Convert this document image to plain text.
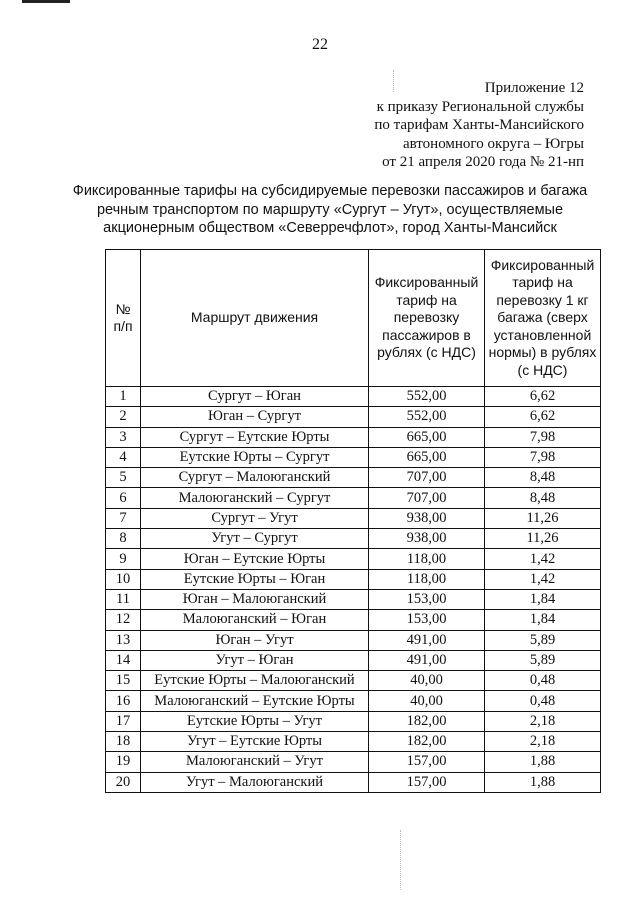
22
Приложение 12
к приказу Региональной службы
по тарифам Ханты-Мансийского
автономного округа – Югры
от 21 апреля 2020 года № 21-нп
Фиксированные тарифы на субсидируемые перевозки пассажиров и багажа
речным транспортом по маршруту «Сургут – Угут», осуществляемые
акционерным обществом «Северречфлот», город Ханты-Мансийск
№ п/п	Маршрут движения	Фиксированный тариф на перевозку пассажиров в рублях (с НДС)	Фиксированный тариф на перевозку 1 кг багажа (сверх установленной нормы) в рублях (с НДС)
1	Сургут – Юган	552,00	6,62
2	Юган – Сургут	552,00	6,62
3	Сургут – Еутские Юрты	665,00	7,98
4	Еутские Юрты – Сургут	665,00	7,98
5	Сургут – Малоюганский	707,00	8,48
6	Малоюганский – Сургут	707,00	8,48
7	Сургут – Угут	938,00	11,26
8	Угут – Сургут	938,00	11,26
9	Юган – Еутские Юрты	118,00	1,42
10	Еутские Юрты – Юган	118,00	1,42
11	Юган – Малоюганский	153,00	1,84
12	Малоюганский – Юган	153,00	1,84
13	Юган – Угут	491,00	5,89
14	Угут – Юган	491,00	5,89
15	Еутские Юрты – Малоюганский	40,00	0,48
16	Малоюганский – Еутские Юрты	40,00	0,48
17	Еутские Юрты – Угут	182,00	2,18
18	Угут – Еутские Юрты	182,00	2,18
19	Малоюганский – Угут	157,00	1,88
20	Угут – Малоюганский	157,00	1,88
